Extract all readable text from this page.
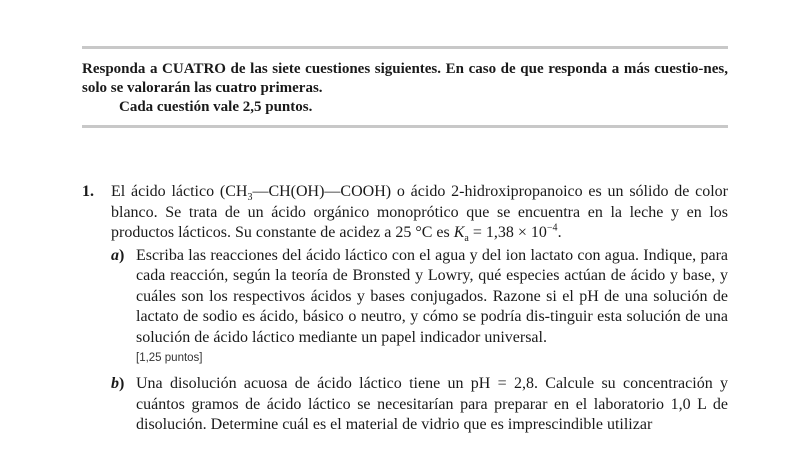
Responda a CUATRO de las siete cuestiones siguientes. En caso de que responda a más cuestio-nes, solo se valorarán las cuatro primeras.
Cada cuestión vale 2,5 puntos.
1. El ácido láctico $(CH_3—CH(OH)—COOH)$ o ácido 2-hidroxipropanoico es un sólido de color blanco. Se trata de un ácido orgánico monoprótico que se encuentra en la leche y en los productos lácticos. Su constante de acidez a 25 °C es $K_a = 1,38 \times 10^{-4}$.
a) Escriba las reacciones del ácido láctico con el agua y del ion lactato con agua. Indique, para cada reacción, según la teoría de Bronsted y Lowry, qué especies actúan de ácido y base, y cuáles son los respectivos ácidos y bases conjugados. Razone si el pH de una solución de lactato de sodio es ácido, básico o neutro, y cómo se podría dis-tinguir esta solución de una solución de ácido láctico mediante un papel indicador universal.
[1,25 puntos]
b) Una disolución acuosa de ácido láctico tiene un pH = 2,8. Calcule su concentración y cuántos gramos de ácido láctico se necesitarían para preparar en el laboratorio 1,0 L de disolución. Determine cuál es el material de vidrio que es imprescindible utilizar
